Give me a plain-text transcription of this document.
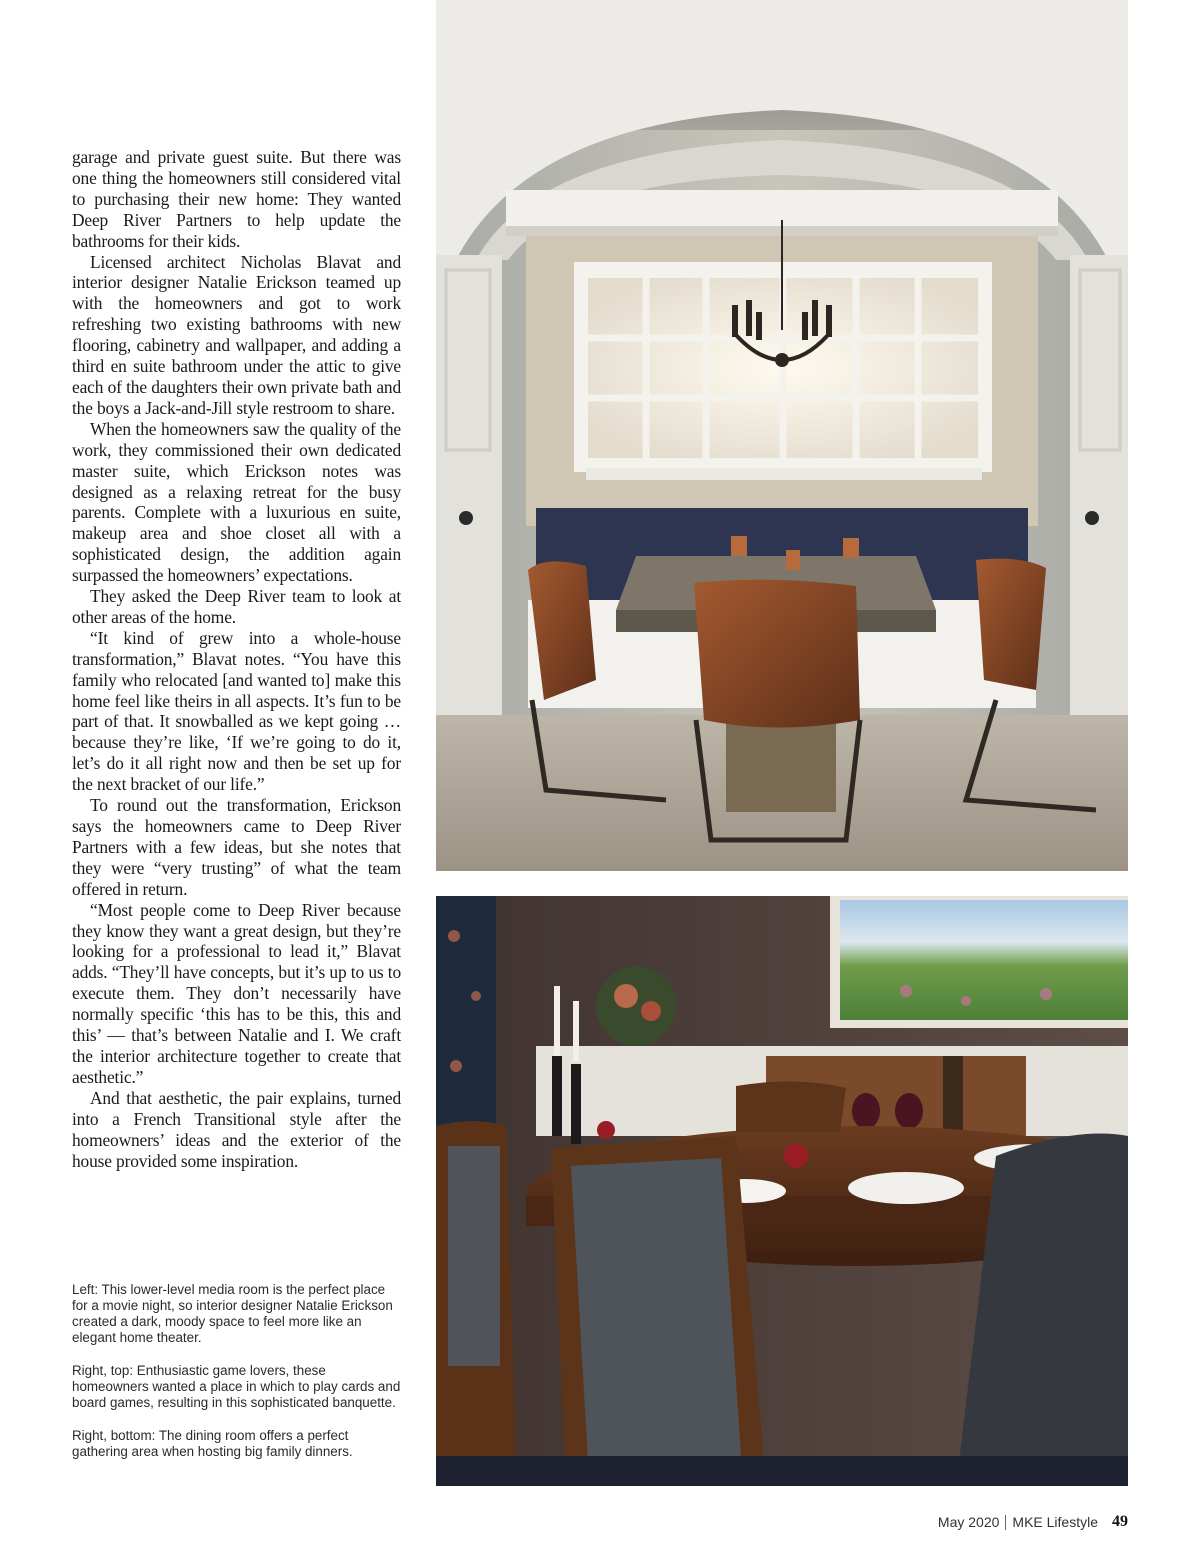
garage and private guest suite. But there was one thing the homeowners still considered vital to purchasing their new home: They wanted Deep River Partners to help update the bathrooms for their kids.

Licensed architect Nicholas Blavat and interior designer Natalie Erickson teamed up with the homeowners and got to work refreshing two existing bathrooms with new flooring, cabinetry and wallpaper, and adding a third en suite bathroom under the attic to give each of the daughters their own private bath and the boys a Jack-and-Jill style restroom to share.

When the homeowners saw the quality of the work, they commissioned their own dedicated master suite, which Erickson notes was designed as a relaxing retreat for the busy parents. Complete with a luxurious en suite, makeup area and shoe closet all with a sophisticated design, the addition again surpassed the homeowners’ expectations.

They asked the Deep River team to look at other areas of the home.

“It kind of grew into a whole-house transformation,” Blavat notes. “You have this family who relocated [and wanted to] make this home feel like theirs in all aspects. It’s fun to be part of that. It snowballed as we kept going … because they’re like, ‘If we’re going to do it, let’s do it all right now and then be set up for the next bracket of our life.”

To round out the transformation, Erickson says the homeowners came to Deep River Partners with a few ideas, but she notes that they were “very trusting” of what the team offered in return.

“Most people come to Deep River because they know they want a great design, but they’re looking for a professional to lead it,” Blavat adds. “They’ll have concepts, but it’s up to us to execute them. They don’t necessarily have normally specific ‘this has to be this, this and this’ — that’s between Natalie and I. We craft the interior architecture together to create that aesthetic.”

And that aesthetic, the pair explains, turned into a French Transitional style after the homeowners’ ideas and the exterior of the house provided some inspiration.

Left: This lower-level media room is the perfect place for a movie night, so interior designer Natalie Erickson created a dark, moody space to feel more like an elegant home theater.

Right, top: Enthusiastic game lovers, these homeowners wanted a place in which to play cards and board games, resulting in this sophisticated banquette.

Right, bottom: The dining room offers a perfect gathering area when hosting big family dinners.

May 2020 MKE Lifestyle 49
